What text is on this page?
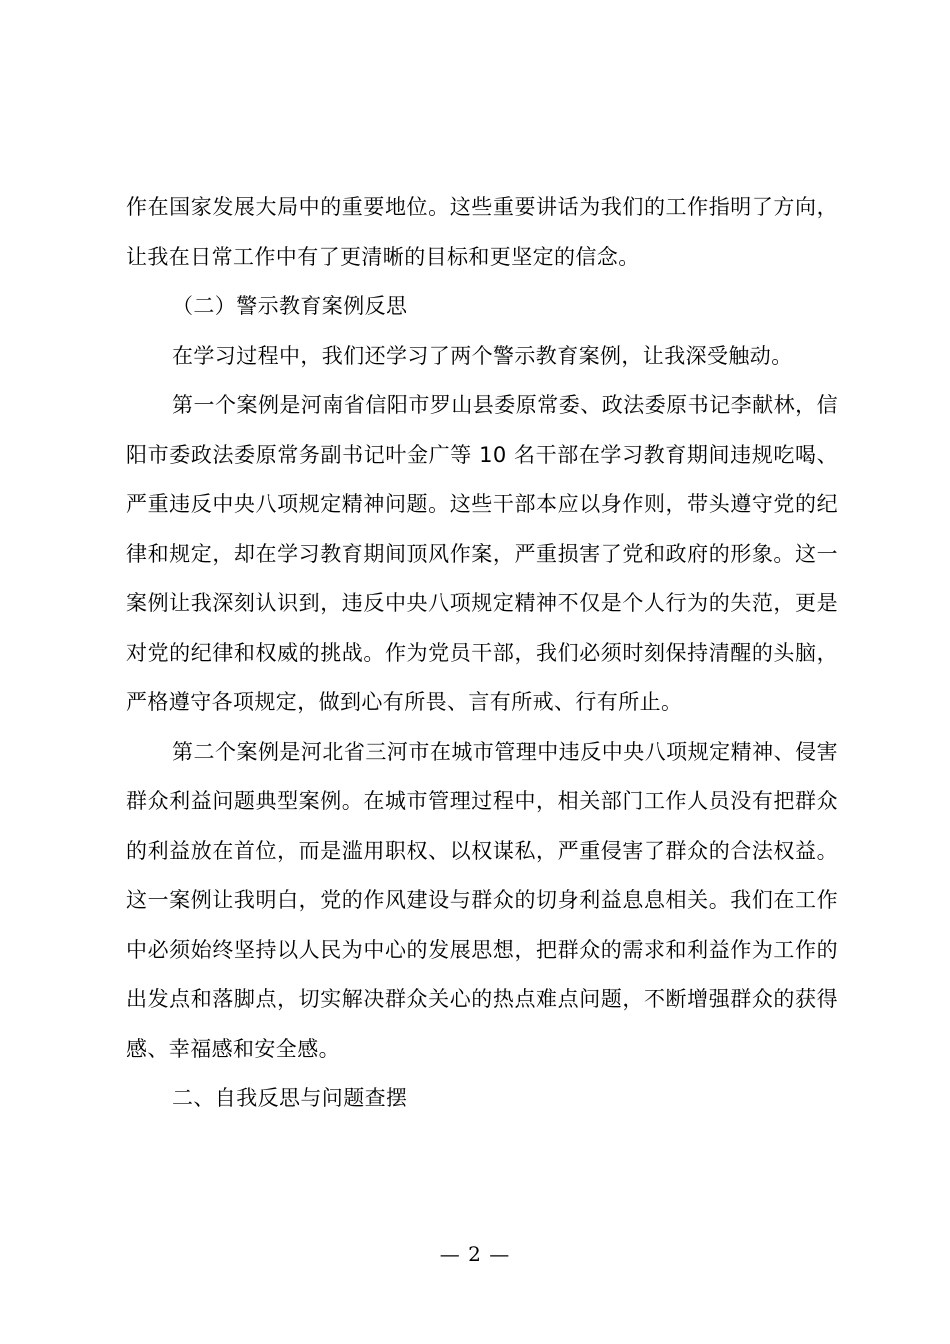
作在国家发展大局中的重要地位。这些重要讲话为我们的工作指明了方向，让我在日常工作中有了更清晰的目标和更坚定的信念。

（二）警示教育案例反思

在学习过程中，我们还学习了两个警示教育案例，让我深受触动。

第一个案例是河南省信阳市罗山县委原常委、政法委原书记李献林，信阳市委政法委原常务副书记叶金广等 10 名干部在学习教育期间违规吃喝、严重违反中央八项规定精神问题。这些干部本应以身作则，带头遵守党的纪律和规定，却在学习教育期间顶风作案，严重损害了党和政府的形象。这一案例让我深刻认识到，违反中央八项规定精神不仅是个人行为的失范，更是对党的纪律和权威的挑战。作为党员干部，我们必须时刻保持清醒的头脑，严格遵守各项规定，做到心有所畏、言有所戒、行有所止。

第二个案例是河北省三河市在城市管理中违反中央八项规定精神、侵害群众利益问题典型案例。在城市管理过程中，相关部门工作人员没有把群众的利益放在首位，而是滥用职权、以权谋私，严重侵害了群众的合法权益。这一案例让我明白，党的作风建设与群众的切身利益息息相关。我们在工作中必须始终坚持以人民为中心的发展思想，把群众的需求和利益作为工作的出发点和落脚点，切实解决群众关心的热点难点问题，不断增强群众的获得感、幸福感和安全感。

二、自我反思与问题查摆

— 2 —
